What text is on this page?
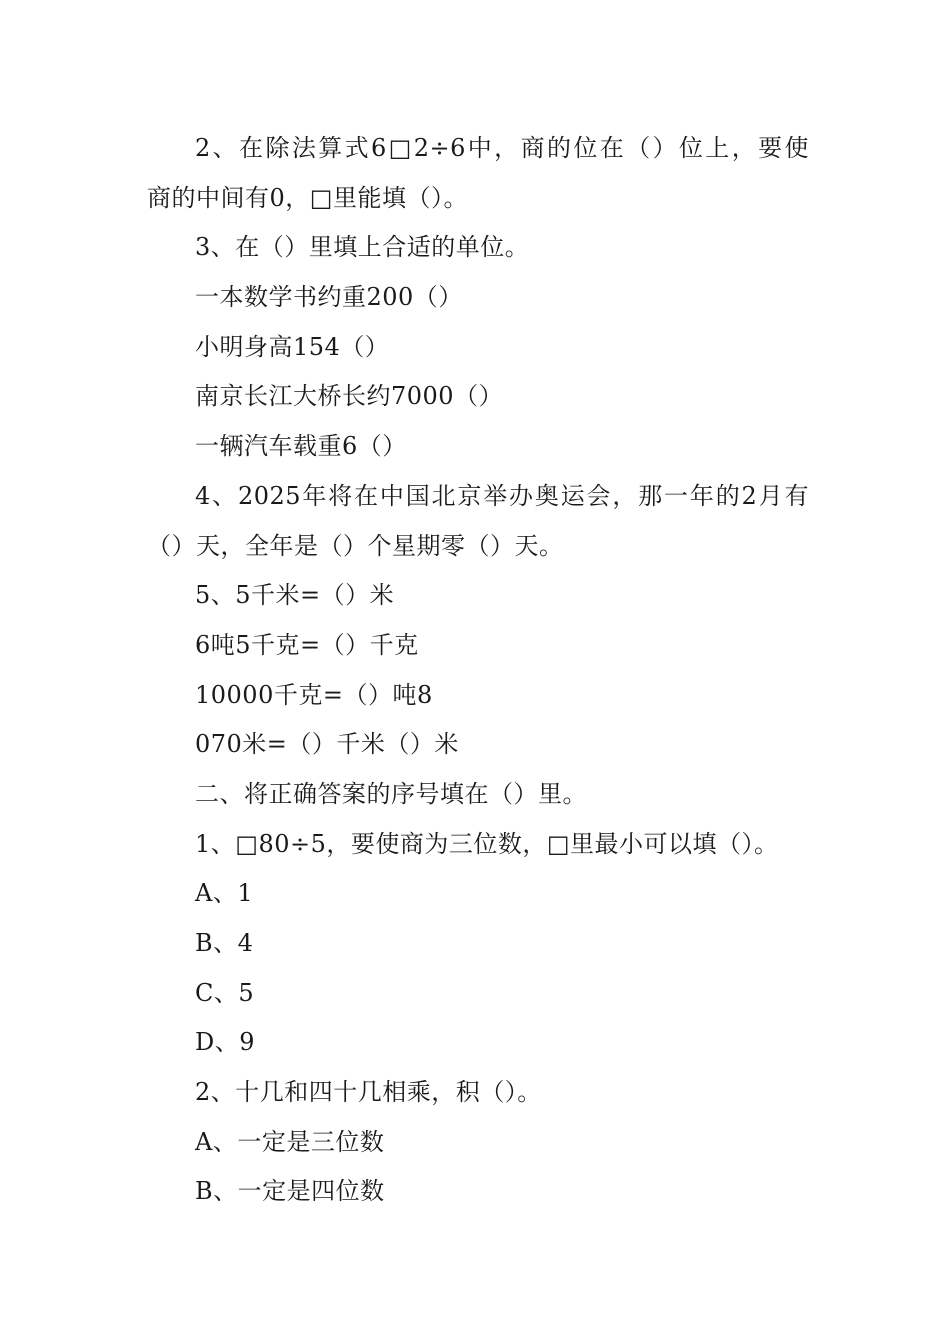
2、在除法算式6□2÷6中，商的位在（）位上，要使
商的中间有0，□里能填（）。
3、在（）里填上合适的单位。
一本数学书约重200（）
小明身高154（）
南京长江大桥长约7000（）
一辆汽车载重6（）
4、2025年将在中国北京举办奥运会，那一年的2月有
（）天，全年是（）个星期零（）天。
5、5千米=（）米
6吨5千克=（）千克
10000千克=（）吨8
070米=（）千米（）米
二、将正确答案的序号填在（）里。
1、□80÷5，要使商为三位数，□里最小可以填（）。
A、1
B、4
C、5
D、9
2、十几和四十几相乘，积（）。
A、一定是三位数
B、一定是四位数
